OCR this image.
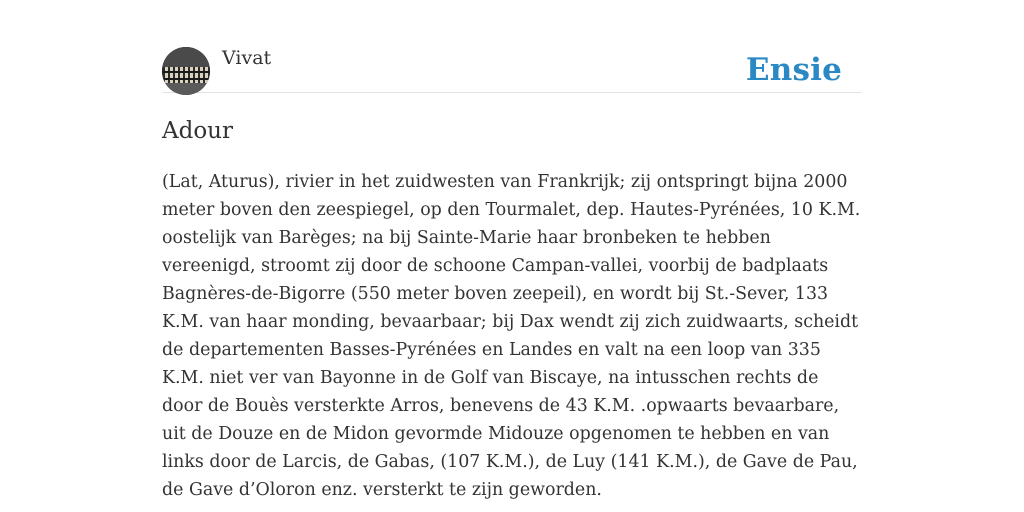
Vivat	Ensie
Adour

(Lat, Aturus), rivier in het zuidwesten van Frankrijk; zij ontspringt bijna 2000 meter boven den zeespiegel, op den Tourmalet, dep. Hautes-Pyrénées, 10 K.M. oostelijk van Barèges; na bij Sainte-Marie haar bronbeken te hebben vereenigd, stroomt zij door de schoone Campan-vallei, voorbij de badplaats Bagnères-de-Bigorre (550 meter boven zeepeil), en wordt bij St.-Sever, 133 K.M. van haar monding, bevaarbaar; bij Dax wendt zij zich zuidwaarts, scheidt de departementen Basses-Pyrénées en Landes en valt na een loop van 335 K.M. niet ver van Bayonne in de Golf van Biscaye, na intusschen rechts de door de Bouès versterkte Arros, benevens de 43 K.M. .opwaarts bevaarbare, uit de Douze en de Midon gevormde Midouze opgenomen te hebben en van links door de Larcis, de Gabas, (107 K.M.), de Luy (141 K.M.), de Gave de Pau, de Gave d’Oloron enz. versterkt te zijn geworden.
